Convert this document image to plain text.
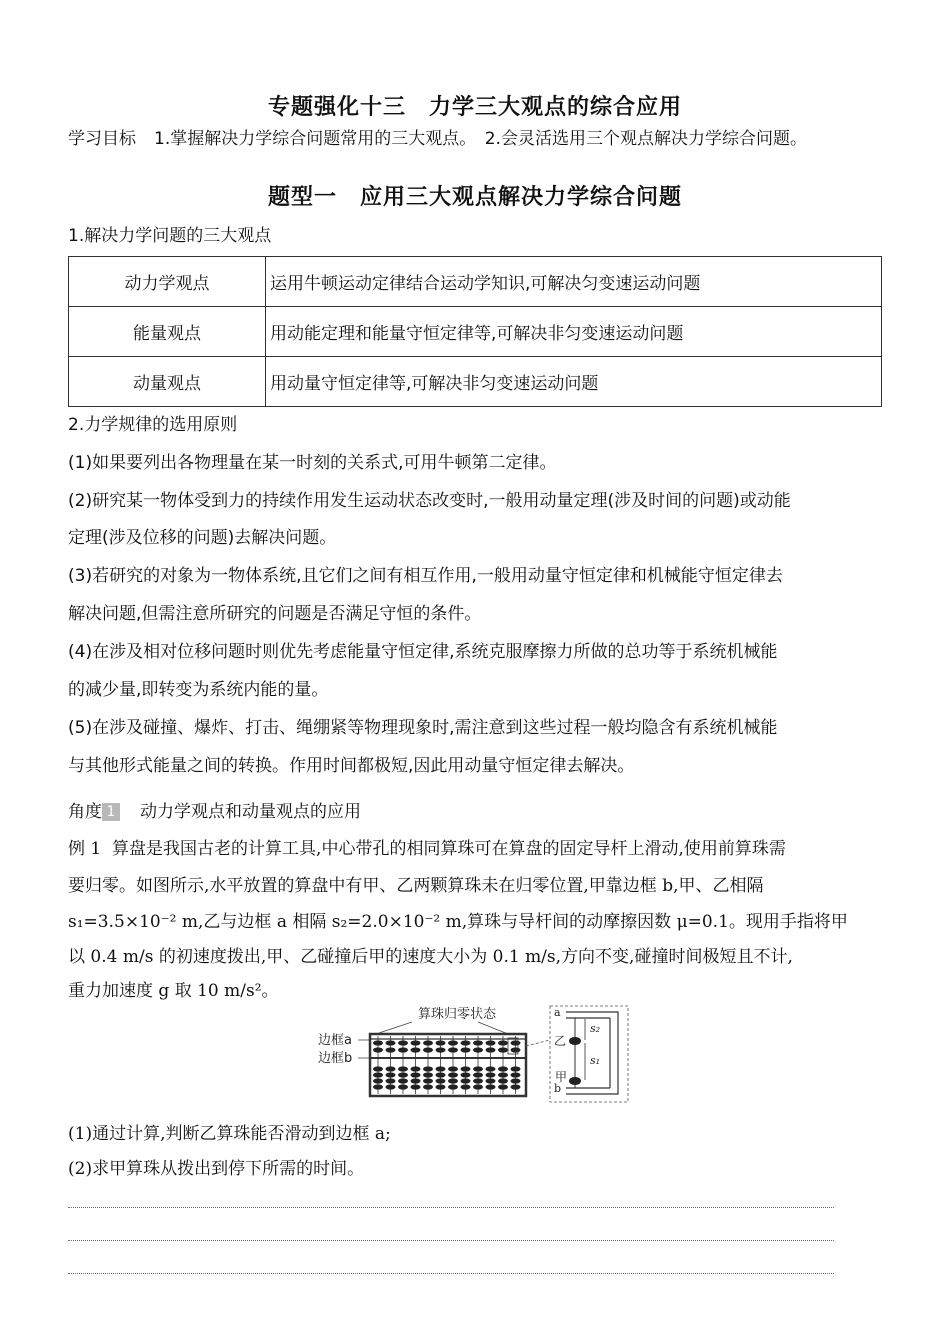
专题强化十三　力学三大观点的综合应用
学习目标 1.掌握解决力学综合问题常用的三大观点。　2.会灵活选用三个观点解决力学综合问题。
题型一　应用三大观点解决力学综合问题
1.解决力学问题的三大观点
动力学观点	运用牛顿运动定律结合运动学知识,可解决匀变速运动问题
能量观点	用动能定理和能量守恒定律等,可解决非匀变速运动问题
动量观点	用动量守恒定律等,可解决非匀变速运动问题
2.力学规律的选用原则
(1)如果要列出各物理量在某一时刻的关系式,可用牛顿第二定律。
(2)研究某一物体受到力的持续作用发生运动状态改变时,一般用动量定理(涉及时间的问题)或动能
定理(涉及位移的问题)去解决问题。
(3)若研究的对象为一物体系统,且它们之间有相互作用,一般用动量守恒定律和机械能守恒定律去
解决问题,但需注意所研究的问题是否满足守恒的条件。
(4)在涉及相对位移问题时则优先考虑能量守恒定律,系统克服摩擦力所做的总功等于系统机械能
的减少量,即转变为系统内能的量。
(5)在涉及碰撞、爆炸、打击、绳绷紧等物理现象时,需注意到这些过程一般均隐含有系统机械能
与其他形式能量之间的转换。作用时间都极短,因此用动量守恒定律去解决。
角度 1 动力学观点和动量观点的应用
例 1 算盘是我国古老的计算工具,中心带孔的相同算珠可在算盘的固定导杆上滑动,使用前算珠需
要归零。如图所示,水平放置的算盘中有甲、乙两颗算珠未在归零位置,甲靠边框 b,甲、乙相隔
s₁=3.5×10⁻² m,乙与边框 a 相隔 s₂=2.0×10⁻² m,算珠与导杆间的动摩擦因数 μ=0.1。现用手指将甲
以 0.4 m/s 的初速度拨出,甲、乙碰撞后甲的速度大小为 0.1 m/s,方向不变,碰撞时间极短且不计,
重力加速度 g 取 10 m/s²。
算珠归零状态
边框a
边框b
a
b
乙
甲
s₂
s₁
(1)通过计算,判断乙算珠能否滑动到边框 a;
(2)求甲算珠从拨出到停下所需的时间。
